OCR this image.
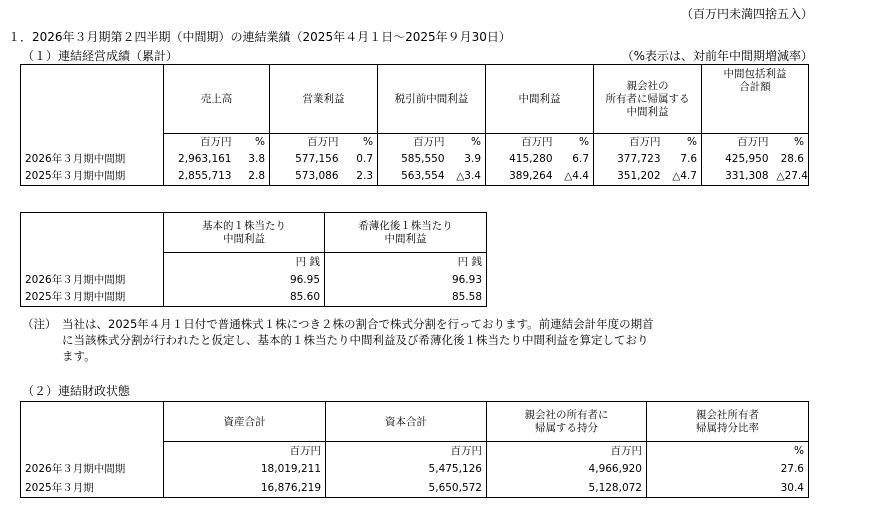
（百万円未満四捨五入）
１．2026年３月期第２四半期（中間期）の連結業績（2025年４月１日～2025年９月30日）
（１）連結経営成績（累計）	（%表示は、対前年中間期増減率）
	売上高		営業利益		税引前中間利益		中間利益		親会社の
所有者に帰属する
中間利益		中間包括利益
合計額	
	百万円	%	百万円	%	百万円	%	百万円	%	百万円	%	百万円	%
2026年３月期中間期	2,963,161	3.8	577,156	0.7	585,550	3.9	415,280	6.7	377,723	7.6	425,950	28.6
2025年３月期中間期	2,855,713	2.8	573,086	2.3	563,554	△3.4	389,264	△4.4	351,202	△4.7	331,308	△27.4
	基本的１株当たり
中間利益	希薄化後１株当たり
中間利益
	円 銭	円 銭
2026年３月期中間期	96.95	96.93
2025年３月期中間期	85.60	85.58
（注） 当社は、2025年４月１日付で普通株式１株につき２株の割合で株式分割を行っております。前連結会計年度の期首
に当該株式分割が行われたと仮定し、基本的１株当たり中間利益及び希薄化後１株当たり中間利益を算定しており
ます。
（２）連結財政状態
	資産合計	資本合計	親会社の所有者に
帰属する持分	親会社所有者
帰属持分比率
	百万円	百万円	百万円	%
2026年３月期中間期	18,019,211	5,475,126	4,966,920	27.6
2025年３月期	16,876,219	5,650,572	5,128,072	30.4
